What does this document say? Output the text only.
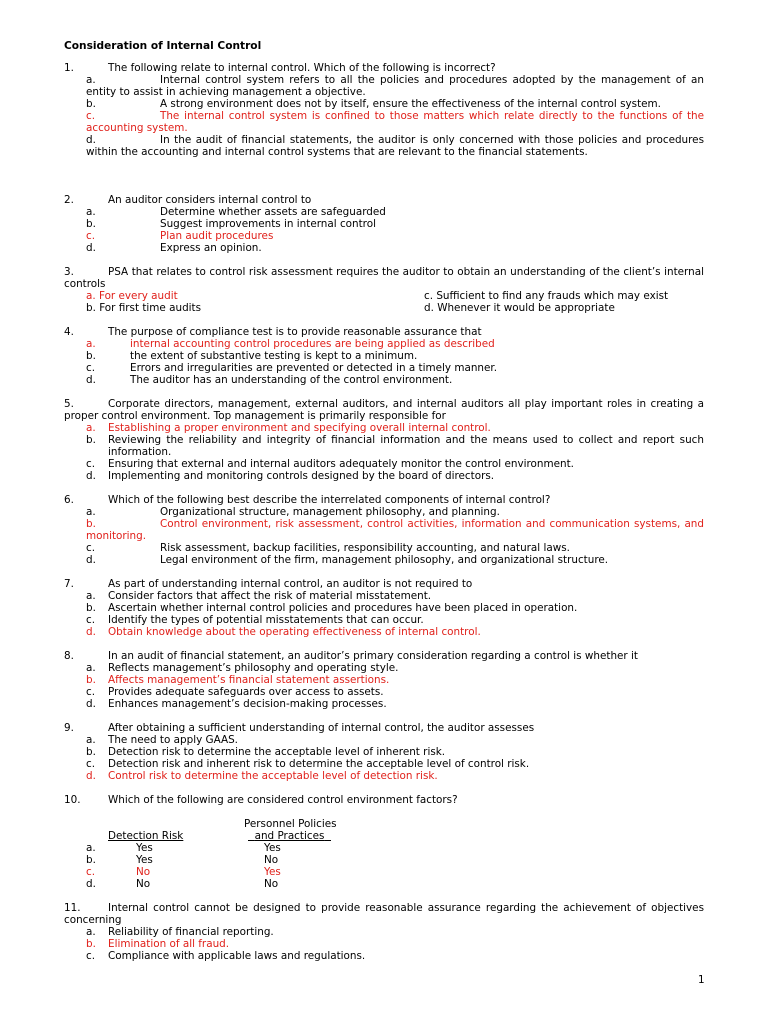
Consideration of Internal Control
1.	The following relate to internal control. Which of the following is incorrect?
a.	Internal control system refers to all the policies and procedures adopted by the management of an entity to assist in achieving management a objective.
b.	A strong environment does not by itself, ensure the effectiveness of the internal control system.
c.	The internal control system is confined to those matters which relate directly to the functions of the accounting system.
d.	In the audit of financial statements, the auditor is only concerned with those policies and procedures within the accounting and internal control systems that are relevant to the financial statements.
2.	An auditor considers internal control to
a.	Determine whether assets are safeguarded
b.	Suggest improvements in internal control
c.	Plan audit procedures
d.	Express an opinion.
3.	PSA that relates to control risk assessment requires the auditor to obtain an understanding of the client’s internal controls
a. For every audit	c. Sufficient to find any frauds which may exist
b. For first time audits	d. Whenever it would be appropriate
4.	The purpose of compliance test is to provide reasonable assurance that
a.	internal accounting control procedures are being applied as described
b.	the extent of substantive testing is kept to a minimum.
c.	Errors and irregularities are prevented or detected in a timely manner.
d.	The auditor has an understanding of the control environment.
5.	Corporate directors, management, external auditors, and internal auditors all play important roles in creating a proper control environment. Top management is primarily responsible for
a. Establishing a proper environment and specifying overall internal control.
b. Reviewing the reliability and integrity of financial information and the means used to collect and report such information.
c. Ensuring that external and internal auditors adequately monitor the control environment.
d. Implementing and monitoring controls designed by the board of directors.
6.	Which of the following best describe the interrelated components of internal control?
a.	Organizational structure, management philosophy, and planning.
b.	Control environment, risk assessment, control activities, information and communication systems, and monitoring.
c.	Risk assessment, backup facilities, responsibility accounting, and natural laws.
d.	Legal environment of the firm, management philosophy, and organizational structure.
7.	As part of understanding internal control, an auditor is not required to
a. Consider factors that affect the risk of material misstatement.
b. Ascertain whether internal control policies and procedures have been placed in operation.
c. Identify the types of potential misstatements that can occur.
d. Obtain knowledge about the operating effectiveness of internal control.
8.	In an audit of financial statement, an auditor’s primary consideration regarding a control is whether it
a. Reflects management’s philosophy and operating style.
b. Affects management’s financial statement assertions.
c. Provides adequate safeguards over access to assets.
d. Enhances management’s decision-making processes.
9.	After obtaining a sufficient understanding of internal control, the auditor assesses
a. The need to apply GAAS.
b. Detection risk to determine the acceptable level of inherent risk.
c. Detection risk and inherent risk to determine the acceptable level of control risk.
d. Control risk to determine the acceptable level of detection risk.
10.	Which of the following are considered control environment factors?
Personnel Policies
Detection Risk	and Practices
a.	Yes	Yes
b.	Yes	No
c.	No	Yes
d.	No	No
11.	Internal control cannot be designed to provide reasonable assurance regarding the achievement of objectives concerning
a. Reliability of financial reporting.
b. Elimination of all fraud.
c. Compliance with applicable laws and regulations.
1
